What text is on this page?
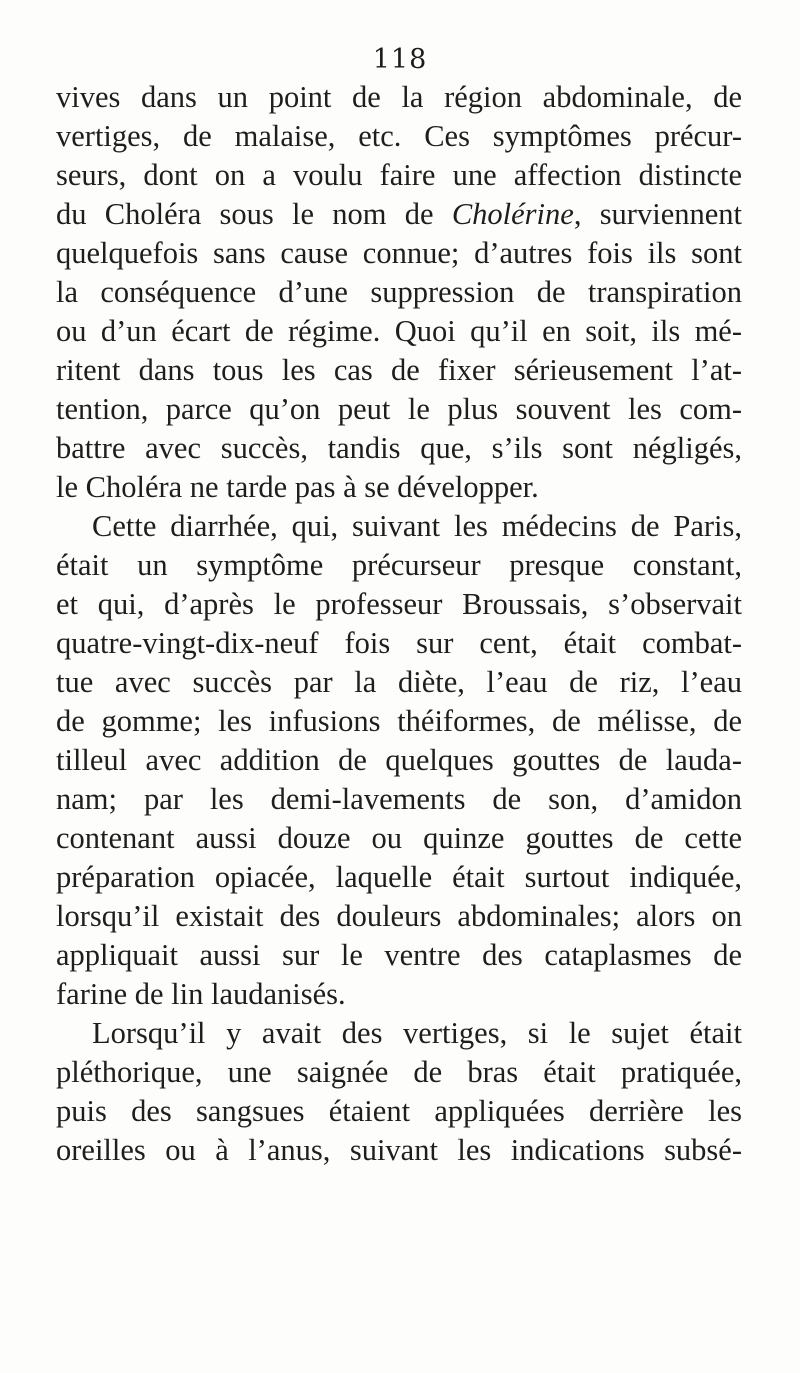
118
vives dans un point de la région abdominale, de
vertiges, de malaise, etc. Ces symptômes précur-
seurs, dont on a voulu faire une affection distincte
du Choléra sous le nom de Cholérine, surviennent
quelquefois sans cause connue; d’autres fois ils sont
la conséquence d’une suppression de transpiration
ou d’un écart de régime. Quoi qu’il en soit, ils mé-
ritent dans tous les cas de fixer sérieusement l’at-
tention, parce qu’on peut le plus souvent les com-
battre avec succès, tandis que, s’ils sont négligés,
le Choléra ne tarde pas à se développer.
Cette diarrhée, qui, suivant les médecins de Paris,
était un symptôme précurseur presque constant,
et qui, d’après le professeur Broussais, s’observait
quatre-vingt-dix-neuf fois sur cent, était combat-
tue avec succès par la diète, l’eau de riz, l’eau
de gomme; les infusions théiformes, de mélisse, de
tilleul avec addition de quelques gouttes de lauda-
nam; par les demi-lavements de son, d’amidon
contenant aussi douze ou quinze gouttes de cette
préparation opiacée, laquelle était surtout indiquée,
lorsqu’il existait des douleurs abdominales; alors on
appliquait aussi sur le ventre des cataplasmes de
farine de lin laudanisés.
Lorsqu’il y avait des vertiges, si le sujet était
pléthorique, une saignée de bras était pratiquée,
puis des sangsues étaient appliquées derrière les
oreilles ou à l’anus, suivant les indications subsé-
